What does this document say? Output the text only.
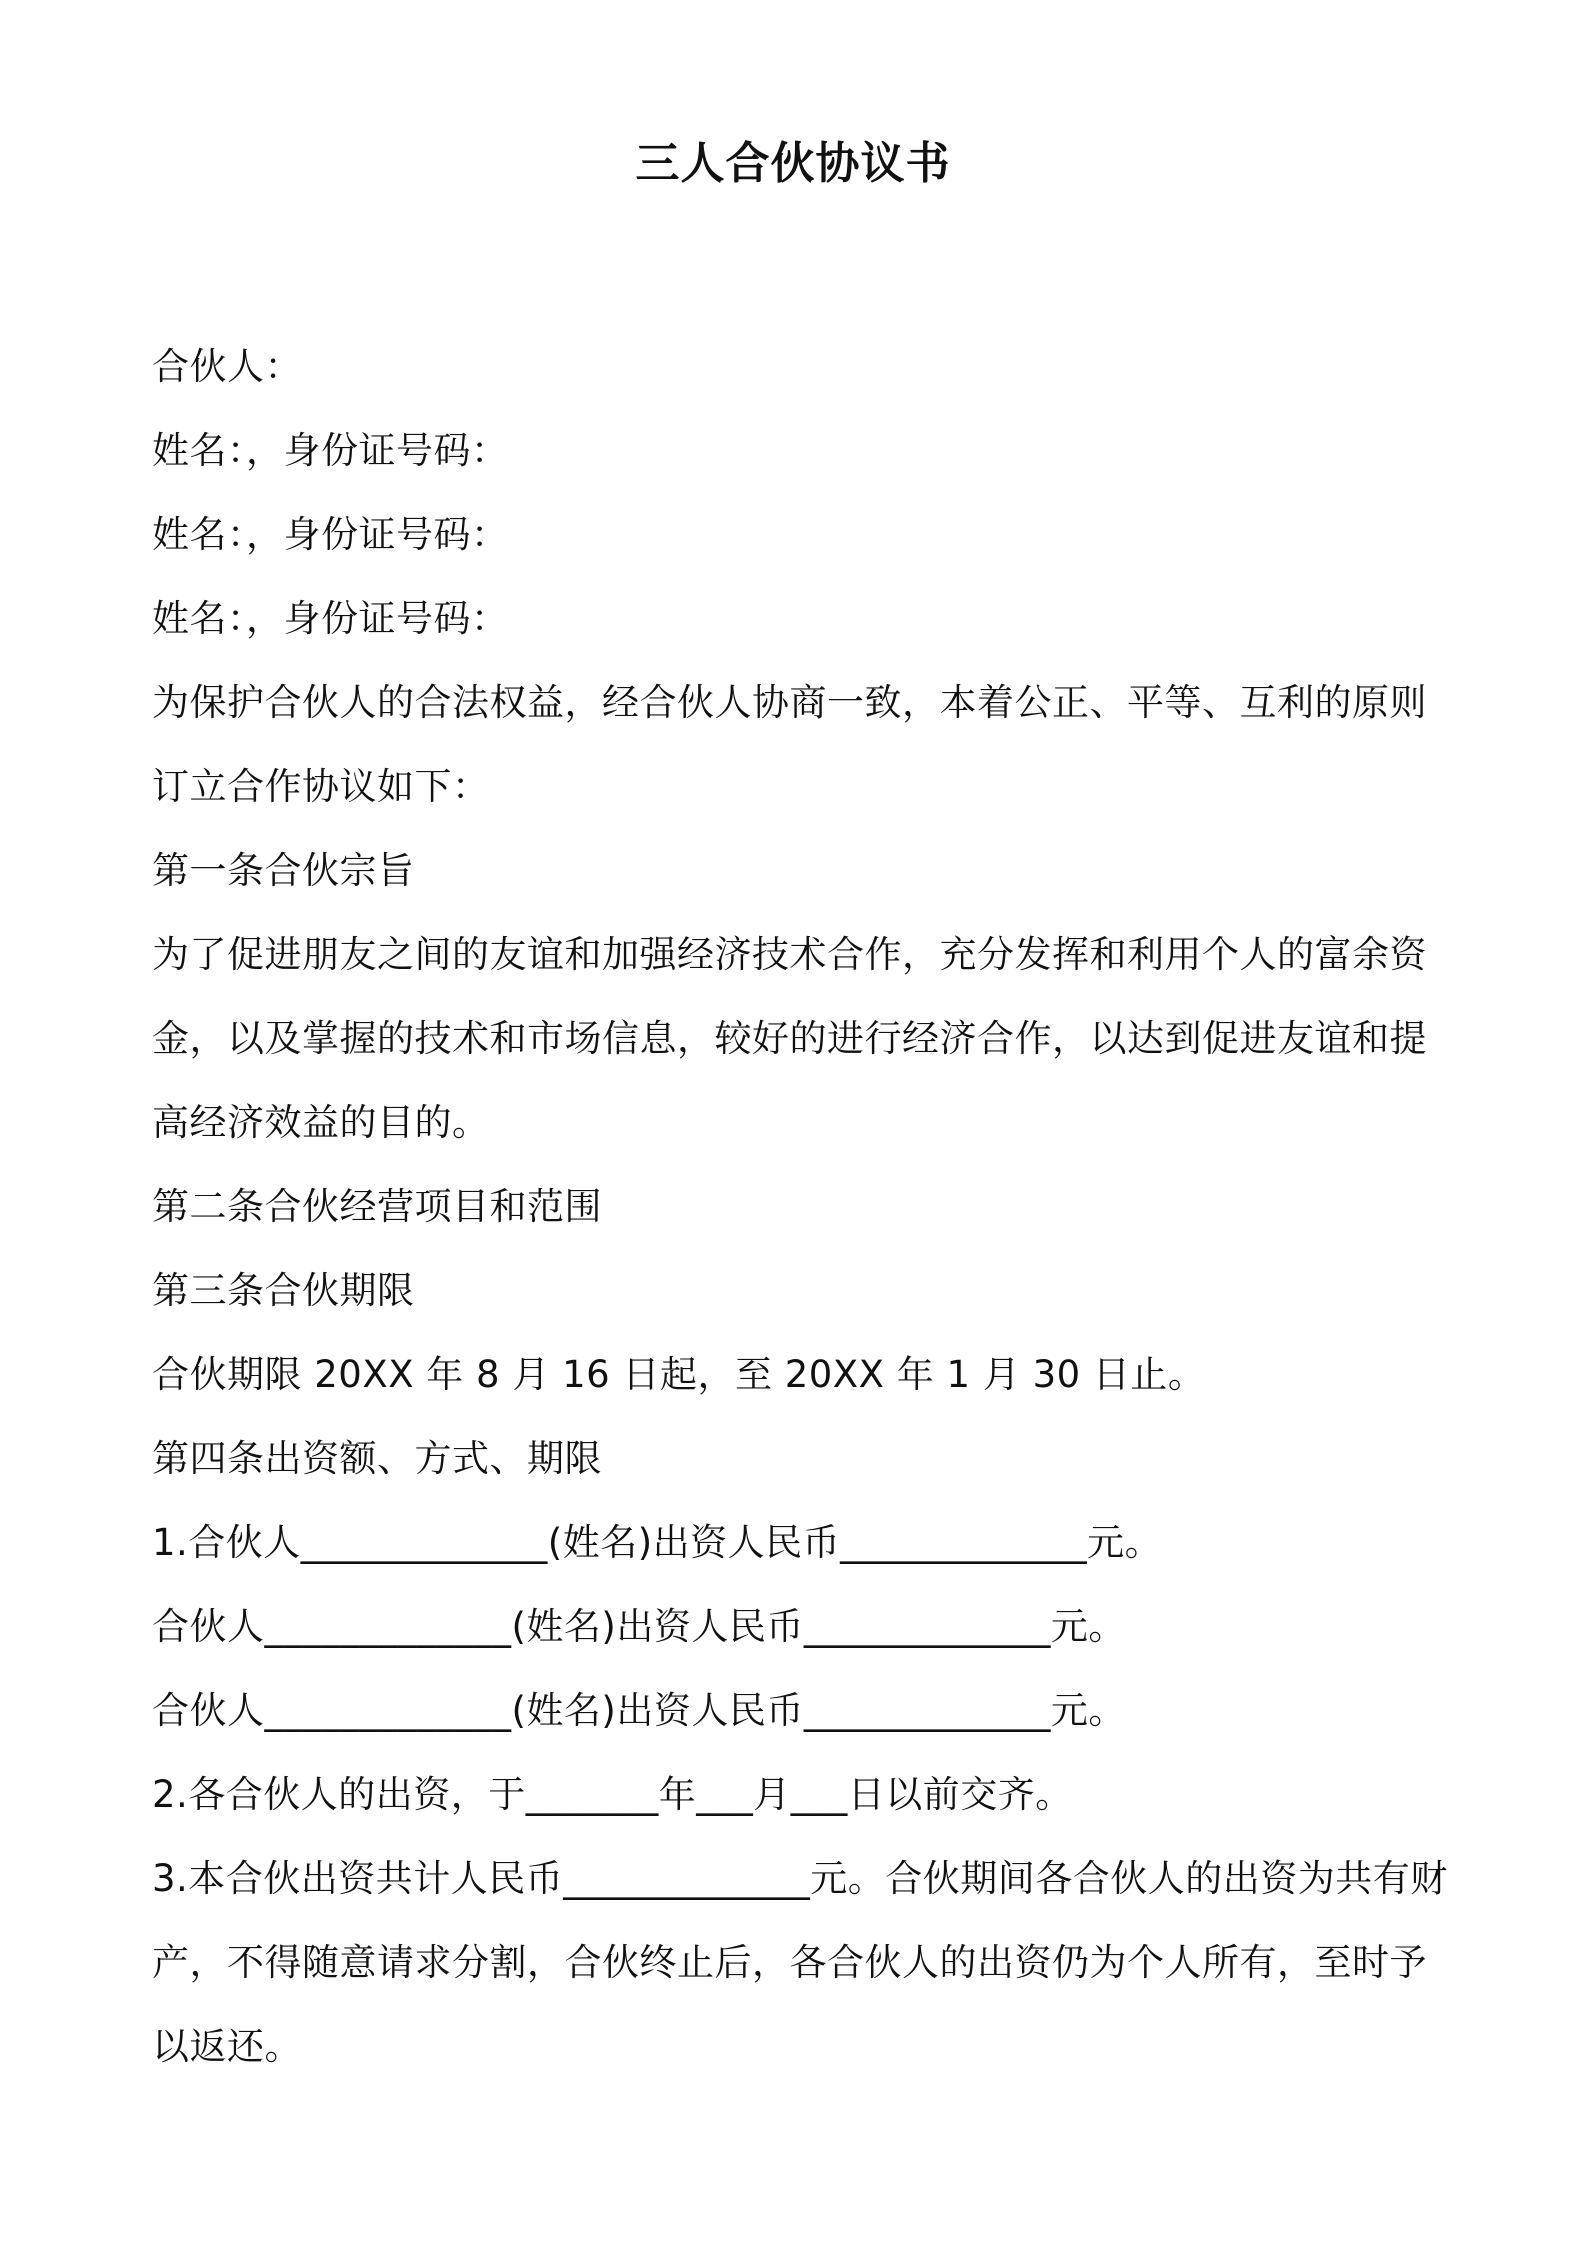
三人合伙协议书
合伙人：
姓名：，身份证号码：
姓名：，身份证号码：
姓名：，身份证号码：
为保护合伙人的合法权益，经合伙人协商一致，本着公正、平等、互利的原则
订立合作协议如下：
第一条合伙宗旨
为了促进朋友之间的友谊和加强经济技术合作，充分发挥和利用个人的富余资
金，以及掌握的技术和市场信息，较好的进行经济合作，以达到促进友谊和提
高经济效益的目的。
第二条合伙经营项目和范围
第三条合伙期限
合伙期限 20XX 年 8 月 16 日起，至 20XX 年 1 月 30 日止。
第四条出资额、方式、期限
1.合伙人_____________(姓名)出资人民币_____________元。
合伙人_____________(姓名)出资人民币_____________元。
合伙人_____________(姓名)出资人民币_____________元。
2.各合伙人的出资，于_______年___月___日以前交齐。
3.本合伙出资共计人民币_____________元。合伙期间各合伙人的出资为共有财
产，不得随意请求分割，合伙终止后，各合伙人的出资仍为个人所有，至时予
以返还。
